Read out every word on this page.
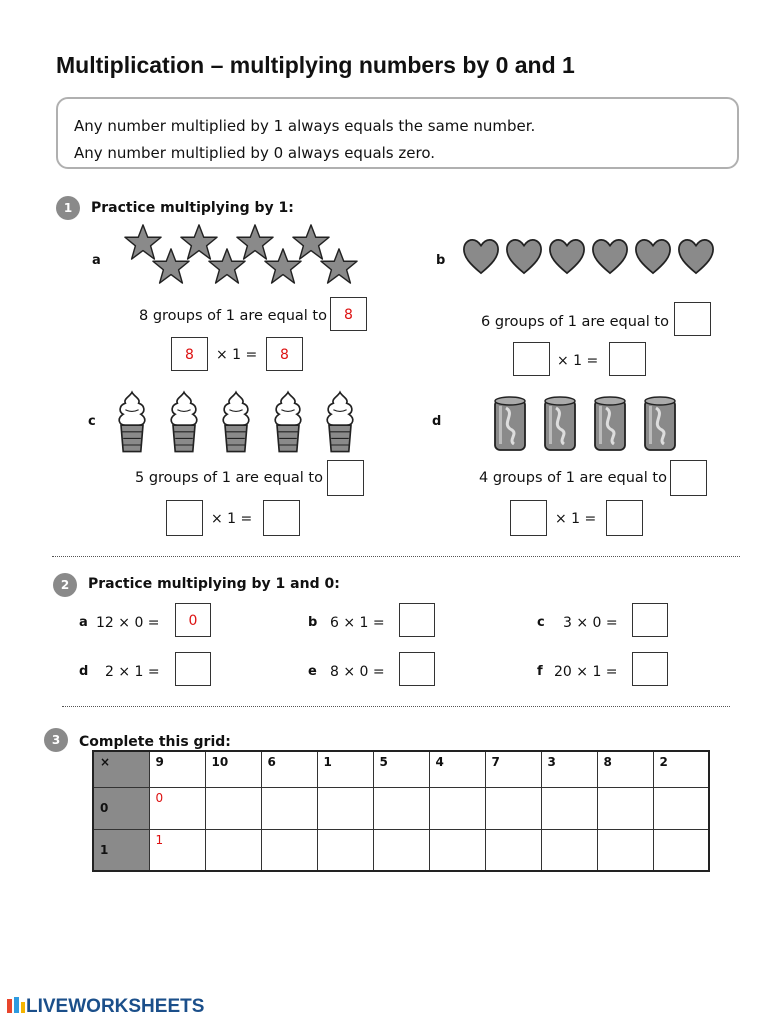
Multiplication – multiplying numbers by 0 and 1
Any number multiplied by 1 always equals the same number.
Any number multiplied by 0 always equals zero.
1	Practice multiplying by 1:
a
8 groups of 1 are equal to	8
8	× 1 =	8
b
6 groups of 1 are equal to
× 1 =
c
5 groups of 1 are equal to
× 1 =
d
4 groups of 1 are equal to
× 1 =
2	Practice multiplying by 1 and 0:
a 12 × 0 =	0	b 6 × 1 =	c 3 × 0 =
d 2 × 1 =	e 8 × 0 =	f 20 × 1 =
3	Complete this grid:
×	9	10	6	1	5	4	7	3	8	2
0	0									
1	1									
LIVEWORKSHEETS
